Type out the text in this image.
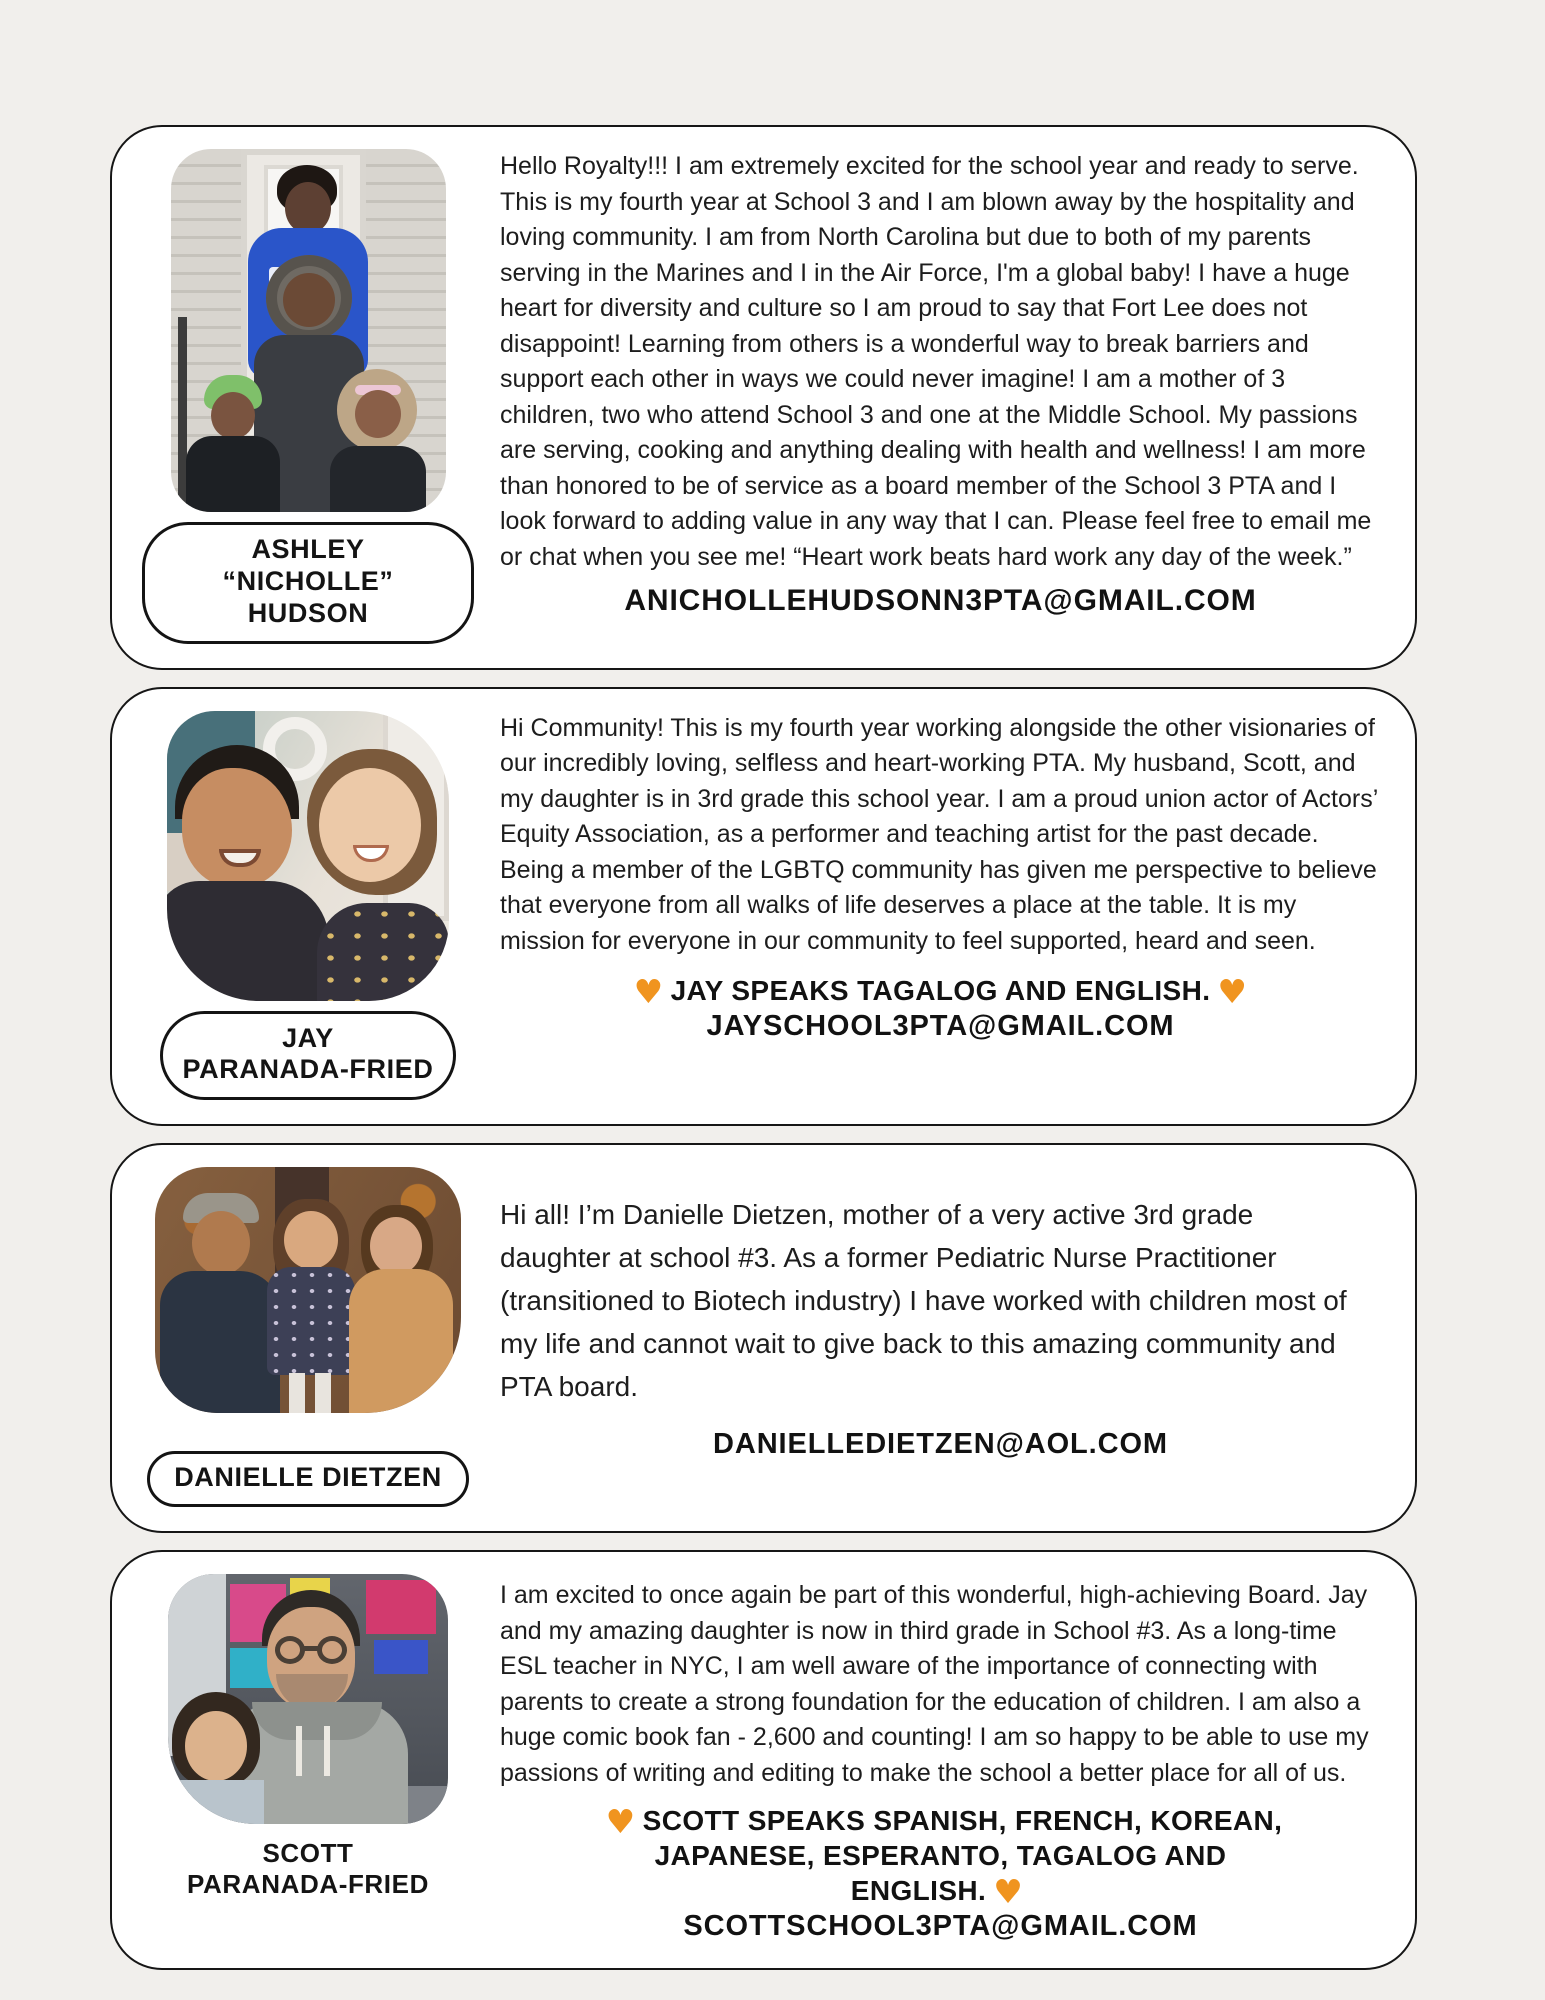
ASHLEY “NICHOLLE”
HUDSON

Hello Royalty!!! I am extremely excited for the school year and ready to serve. This is my fourth year at School 3 and I am blown away by the hospitality and loving community. I am from North Carolina but due to both of my parents serving in the Marines and I in the Air Force, I'm a global baby! I have a huge heart for diversity and culture so I am proud to say that Fort Lee does not disappoint! Learning from others is a wonderful way to break barriers and support each other in ways we could never imagine! I am a mother of 3 children, two who attend School 3 and one at the Middle School. My passions are serving, cooking and anything dealing with health and wellness! I am more than honored to be of service as a board member of the School 3 PTA and I look forward to adding value in any way that I can. Please feel free to email me or chat when you see me! “Heart work beats hard work any day of the week.”

ANICHOLLEHUDSONN3PTA@GMAIL.COM
JAY
PARANADA-FRIED

Hi Community! This is my fourth year working alongside the other visionaries of our incredibly loving, selfless and heart-working PTA. My husband, Scott, and my daughter is in 3rd grade this school year. I am a proud union actor of Actors’ Equity Association, as a performer and teaching artist for the past decade. Being a member of the LGBTQ community has given me perspective to believe that everyone from all walks of life deserves a place at the table. It is my mission for everyone in our community to feel supported, heard and seen.

♥ JAY SPEAKS TAGALOG AND ENGLISH. ♥
JAYSCHOOL3PTA@GMAIL.COM
DANIELLE DIETZEN

Hi all! I’m Danielle Dietzen, mother of a very active 3rd grade daughter at school #3. As a former Pediatric Nurse Practitioner (transitioned to Biotech industry) I have worked with children most of my life and cannot wait to give back to this amazing community and PTA board.

DANIELLEDIETZEN@AOL.COM
SCOTT
PARANADA-FRIED

I am excited to once again be part of this wonderful, high-achieving Board. Jay and my amazing daughter is now in third grade in School #3. As a long-time ESL teacher in NYC, I am well aware of the importance of connecting with parents to create a strong foundation for the education of children. I am also a huge comic book fan - 2,600 and counting! I am so happy to be able to use my passions of writing and editing to make the school a better place for all of us.

♥ SCOTT SPEAKS SPANISH, FRENCH, KOREAN, JAPANESE, ESPERANTO, TAGALOG AND ENGLISH. ♥
SCOTTSCHOOL3PTA@GMAIL.COM
